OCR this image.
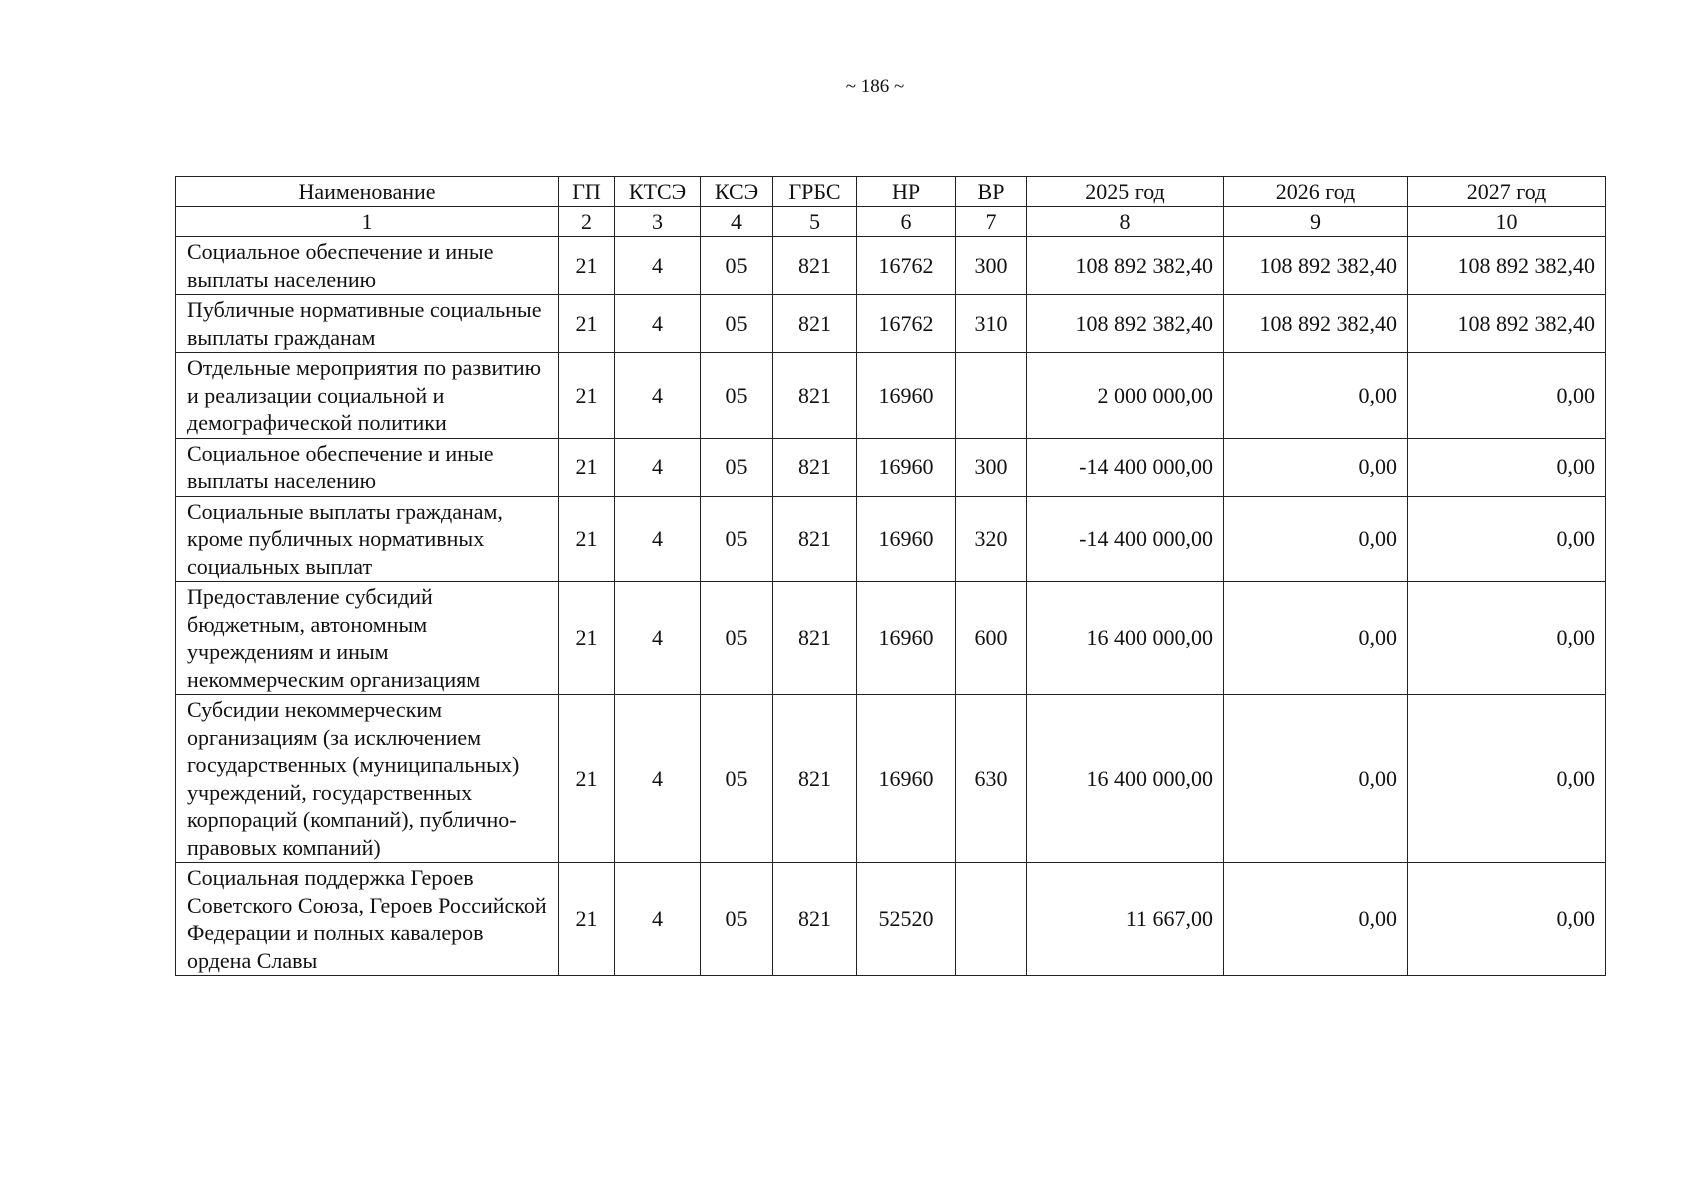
~ 186 ~
Наименование	ГП	КТСЭ	КСЭ	ГРБС	НР	ВР	2025 год	2026 год	2027 год
1	2	3	4	5	6	7	8	9	10
Социальное обеспечение и иные выплаты населению	21	4	05	821	16762	300	108 892 382,40	108 892 382,40	108 892 382,40
Публичные нормативные социальные выплаты гражданам	21	4	05	821	16762	310	108 892 382,40	108 892 382,40	108 892 382,40
Отдельные мероприятия по развитию и реализации социальной и демографической политики	21	4	05	821	16960		2 000 000,00	0,00	0,00
Социальное обеспечение и иные выплаты населению	21	4	05	821	16960	300	-14 400 000,00	0,00	0,00
Социальные выплаты гражданам, кроме публичных нормативных социальных выплат	21	4	05	821	16960	320	-14 400 000,00	0,00	0,00
Предоставление субсидий бюджетным, автономным учреждениям и иным некоммерческим организациям	21	4	05	821	16960	600	16 400 000,00	0,00	0,00
Субсидии некоммерческим организациям (за исключением государственных (муниципальных) учреждений, государственных корпораций (компаний), публично-правовых компаний)	21	4	05	821	16960	630	16 400 000,00	0,00	0,00
Социальная поддержка Героев Советского Союза, Героев Российской Федерации и полных кавалеров ордена Славы	21	4	05	821	52520		11 667,00	0,00	0,00
